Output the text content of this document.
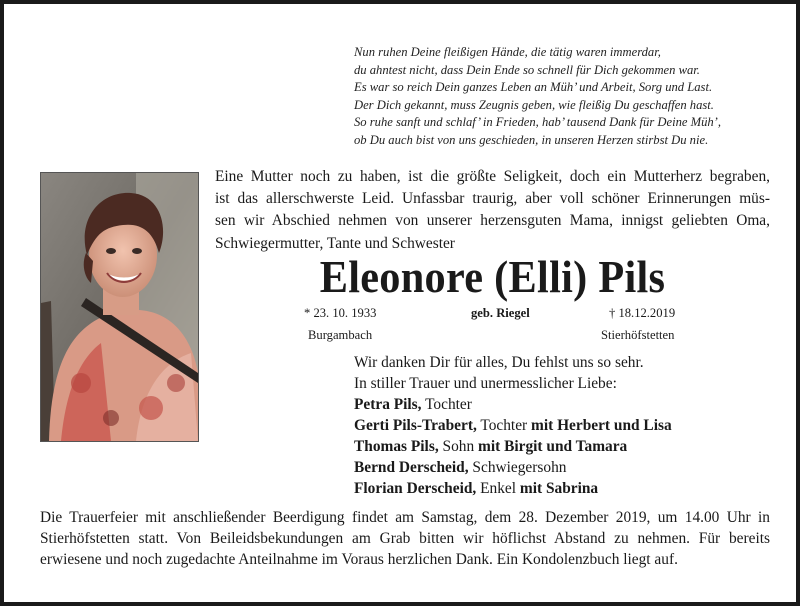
Nun ruhen Deine fleißigen Hände, die tätig waren immerdar,
du ahntest nicht, dass Dein Ende so schnell für Dich gekommen war.
Es war so reich Dein ganzes Leben an Müh’ und Arbeit, Sorg und Last.
Der Dich gekannt, muss Zeugnis geben, wie fleißig Du geschaffen hast.
So ruhe sanft und schlaf’ in Frieden, hab’ tausend Dank für Deine Müh’,
ob Du auch bist von uns geschieden, in unseren Herzen stirbst Du nie.
Eine Mutter noch zu haben, ist die größte Seligkeit, doch ein Mutterherz begraben,
ist das allerschwerste Leid. Unfassbar traurig, aber voll schöner Erinnerungen müs-
sen wir Abschied nehmen von unserer herzensguten Mama, innigst geliebten Oma,
Schwiegermutter, Tante und Schwester
Eleonore (Elli) Pils
* 23. 10. 1933
Burgambach
geb. Riegel	† 18.12.2019
Stierhöfstetten
Wir danken Dir für alles, Du fehlst uns so sehr.
In stiller Trauer und unermesslicher Liebe:
Petra Pils, Tochter
Gerti Pils-Trabert, Tochter mit Herbert und Lisa
Thomas Pils, Sohn mit Birgit und Tamara
Bernd Derscheid, Schwiegersohn
Florian Derscheid, Enkel mit Sabrina
Die Trauerfeier mit anschließender Beerdigung findet am Samstag, dem 28. Dezember 2019, um 14.00 Uhr in
Stierhöfstetten statt. Von Beileidsbekundungen am Grab bitten wir höflichst Abstand zu nehmen. Für bereits
erwiesene und noch zugedachte Anteilnahme im Voraus herzlichen Dank. Ein Kondolenzbuch liegt auf.
